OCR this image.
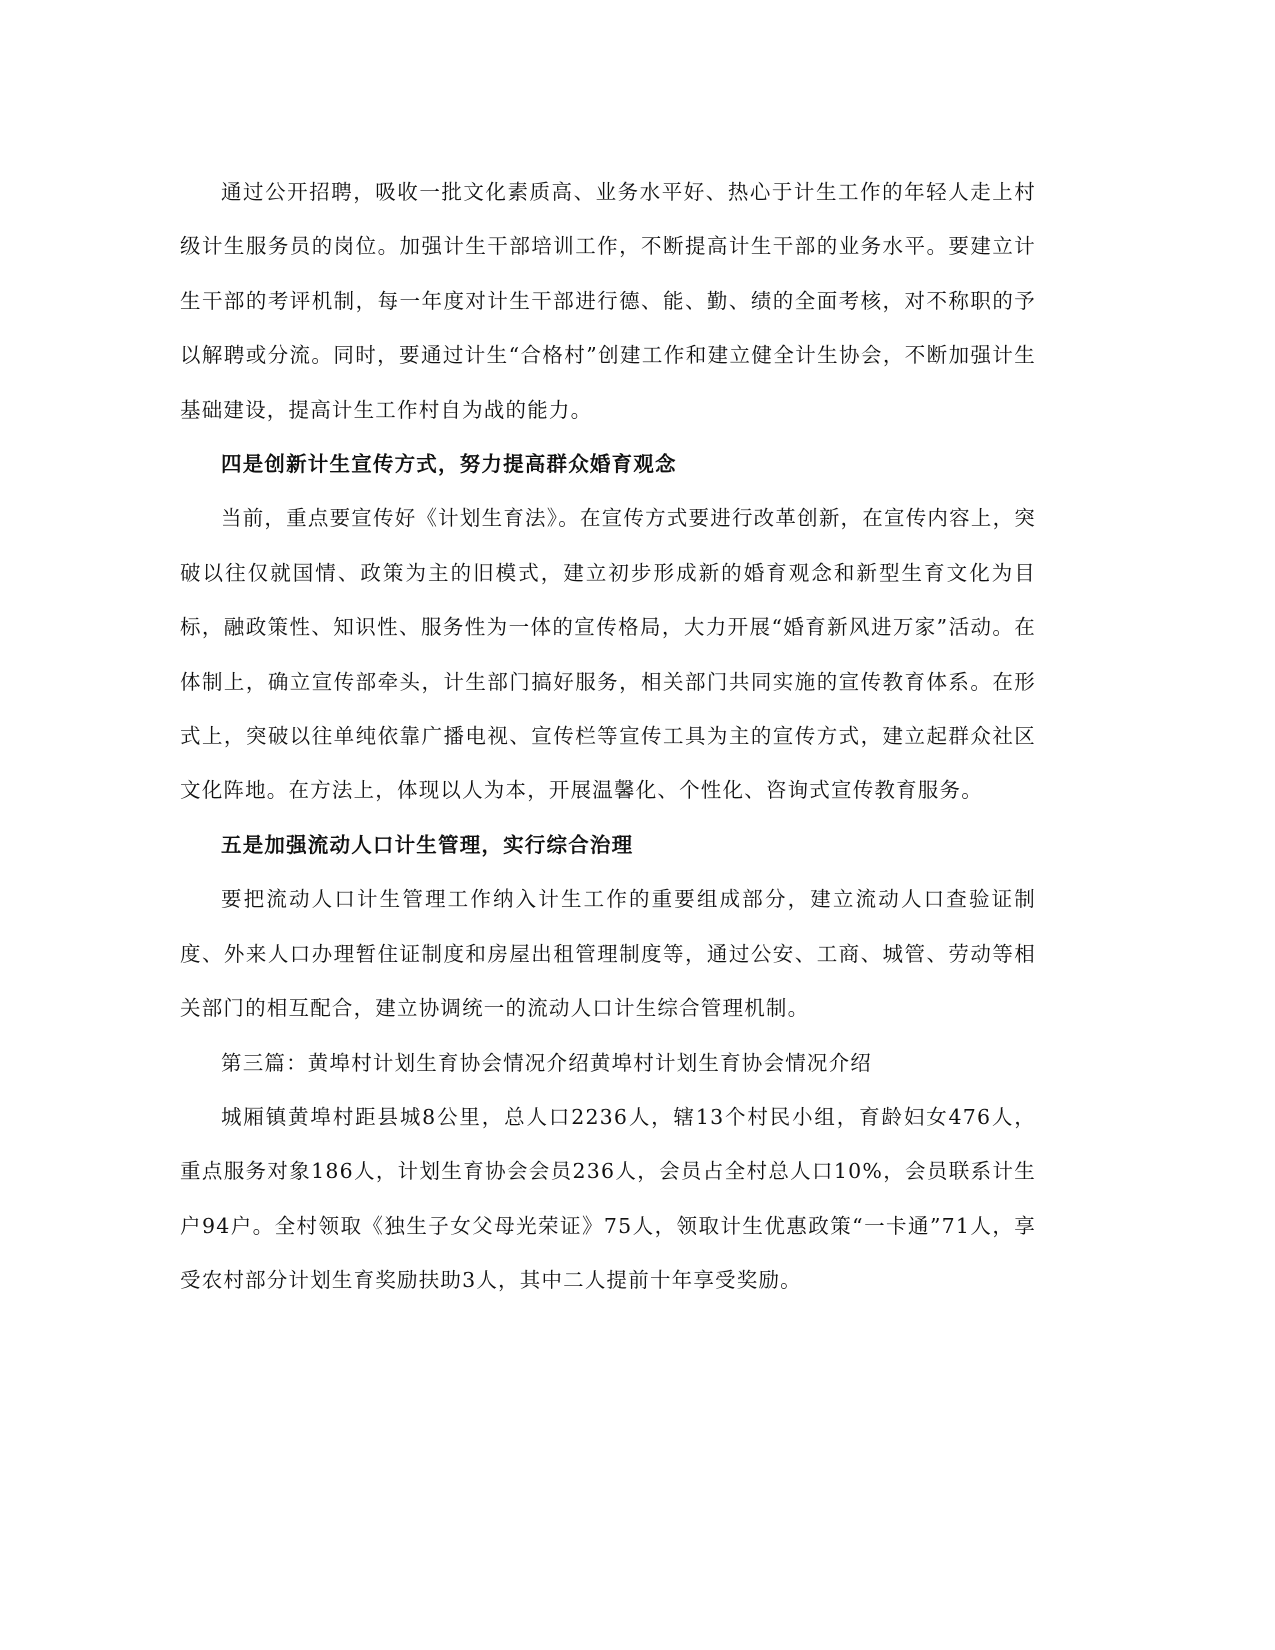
通过公开招聘，吸收一批文化素质高、业务水平好、热心于计生工作的年轻人走上村级计生服务员的岗位。加强计生干部培训工作，不断提高计生干部的业务水平。要建立计生干部的考评机制，每一年度对计生干部进行德、能、勤、绩的全面考核，对不称职的予以解聘或分流。同时，要通过计生“合格村”创建工作和建立健全计生协会，不断加强计生基础建设，提高计生工作村自为战的能力。

四是创新计生宣传方式，努力提高群众婚育观念

当前，重点要宣传好《计划生育法》。在宣传方式要进行改革创新，在宣传内容上，突破以往仅就国情、政策为主的旧模式，建立初步形成新的婚育观念和新型生育文化为目标，融政策性、知识性、服务性为一体的宣传格局，大力开展“婚育新风进万家”活动。在体制上，确立宣传部牵头，计生部门搞好服务，相关部门共同实施的宣传教育体系。在形式上，突破以往单纯依靠广播电视、宣传栏等宣传工具为主的宣传方式，建立起群众社区文化阵地。在方法上，体现以人为本，开展温馨化、个性化、咨询式宣传教育服务。

五是加强流动人口计生管理，实行综合治理

要把流动人口计生管理工作纳入计生工作的重要组成部分，建立流动人口查验证制度、外来人口办理暂住证制度和房屋出租管理制度等，通过公安、工商、城管、劳动等相关部门的相互配合，建立协调统一的流动人口计生综合管理机制。

第三篇：黄埠村计划生育协会情况介绍黄埠村计划生育协会情况介绍

城厢镇黄埠村距县城8公里，总人口2236人，辖13个村民小组，育龄妇女476人，重点服务对象186人，计划生育协会会员236人，会员占全村总人口10%，会员联系计生户94户。全村领取《独生子女父母光荣证》75人，领取计生优惠政策“一卡通”71人，享受农村部分计划生育奖励扶助3人，其中二人提前十年享受奖励。
